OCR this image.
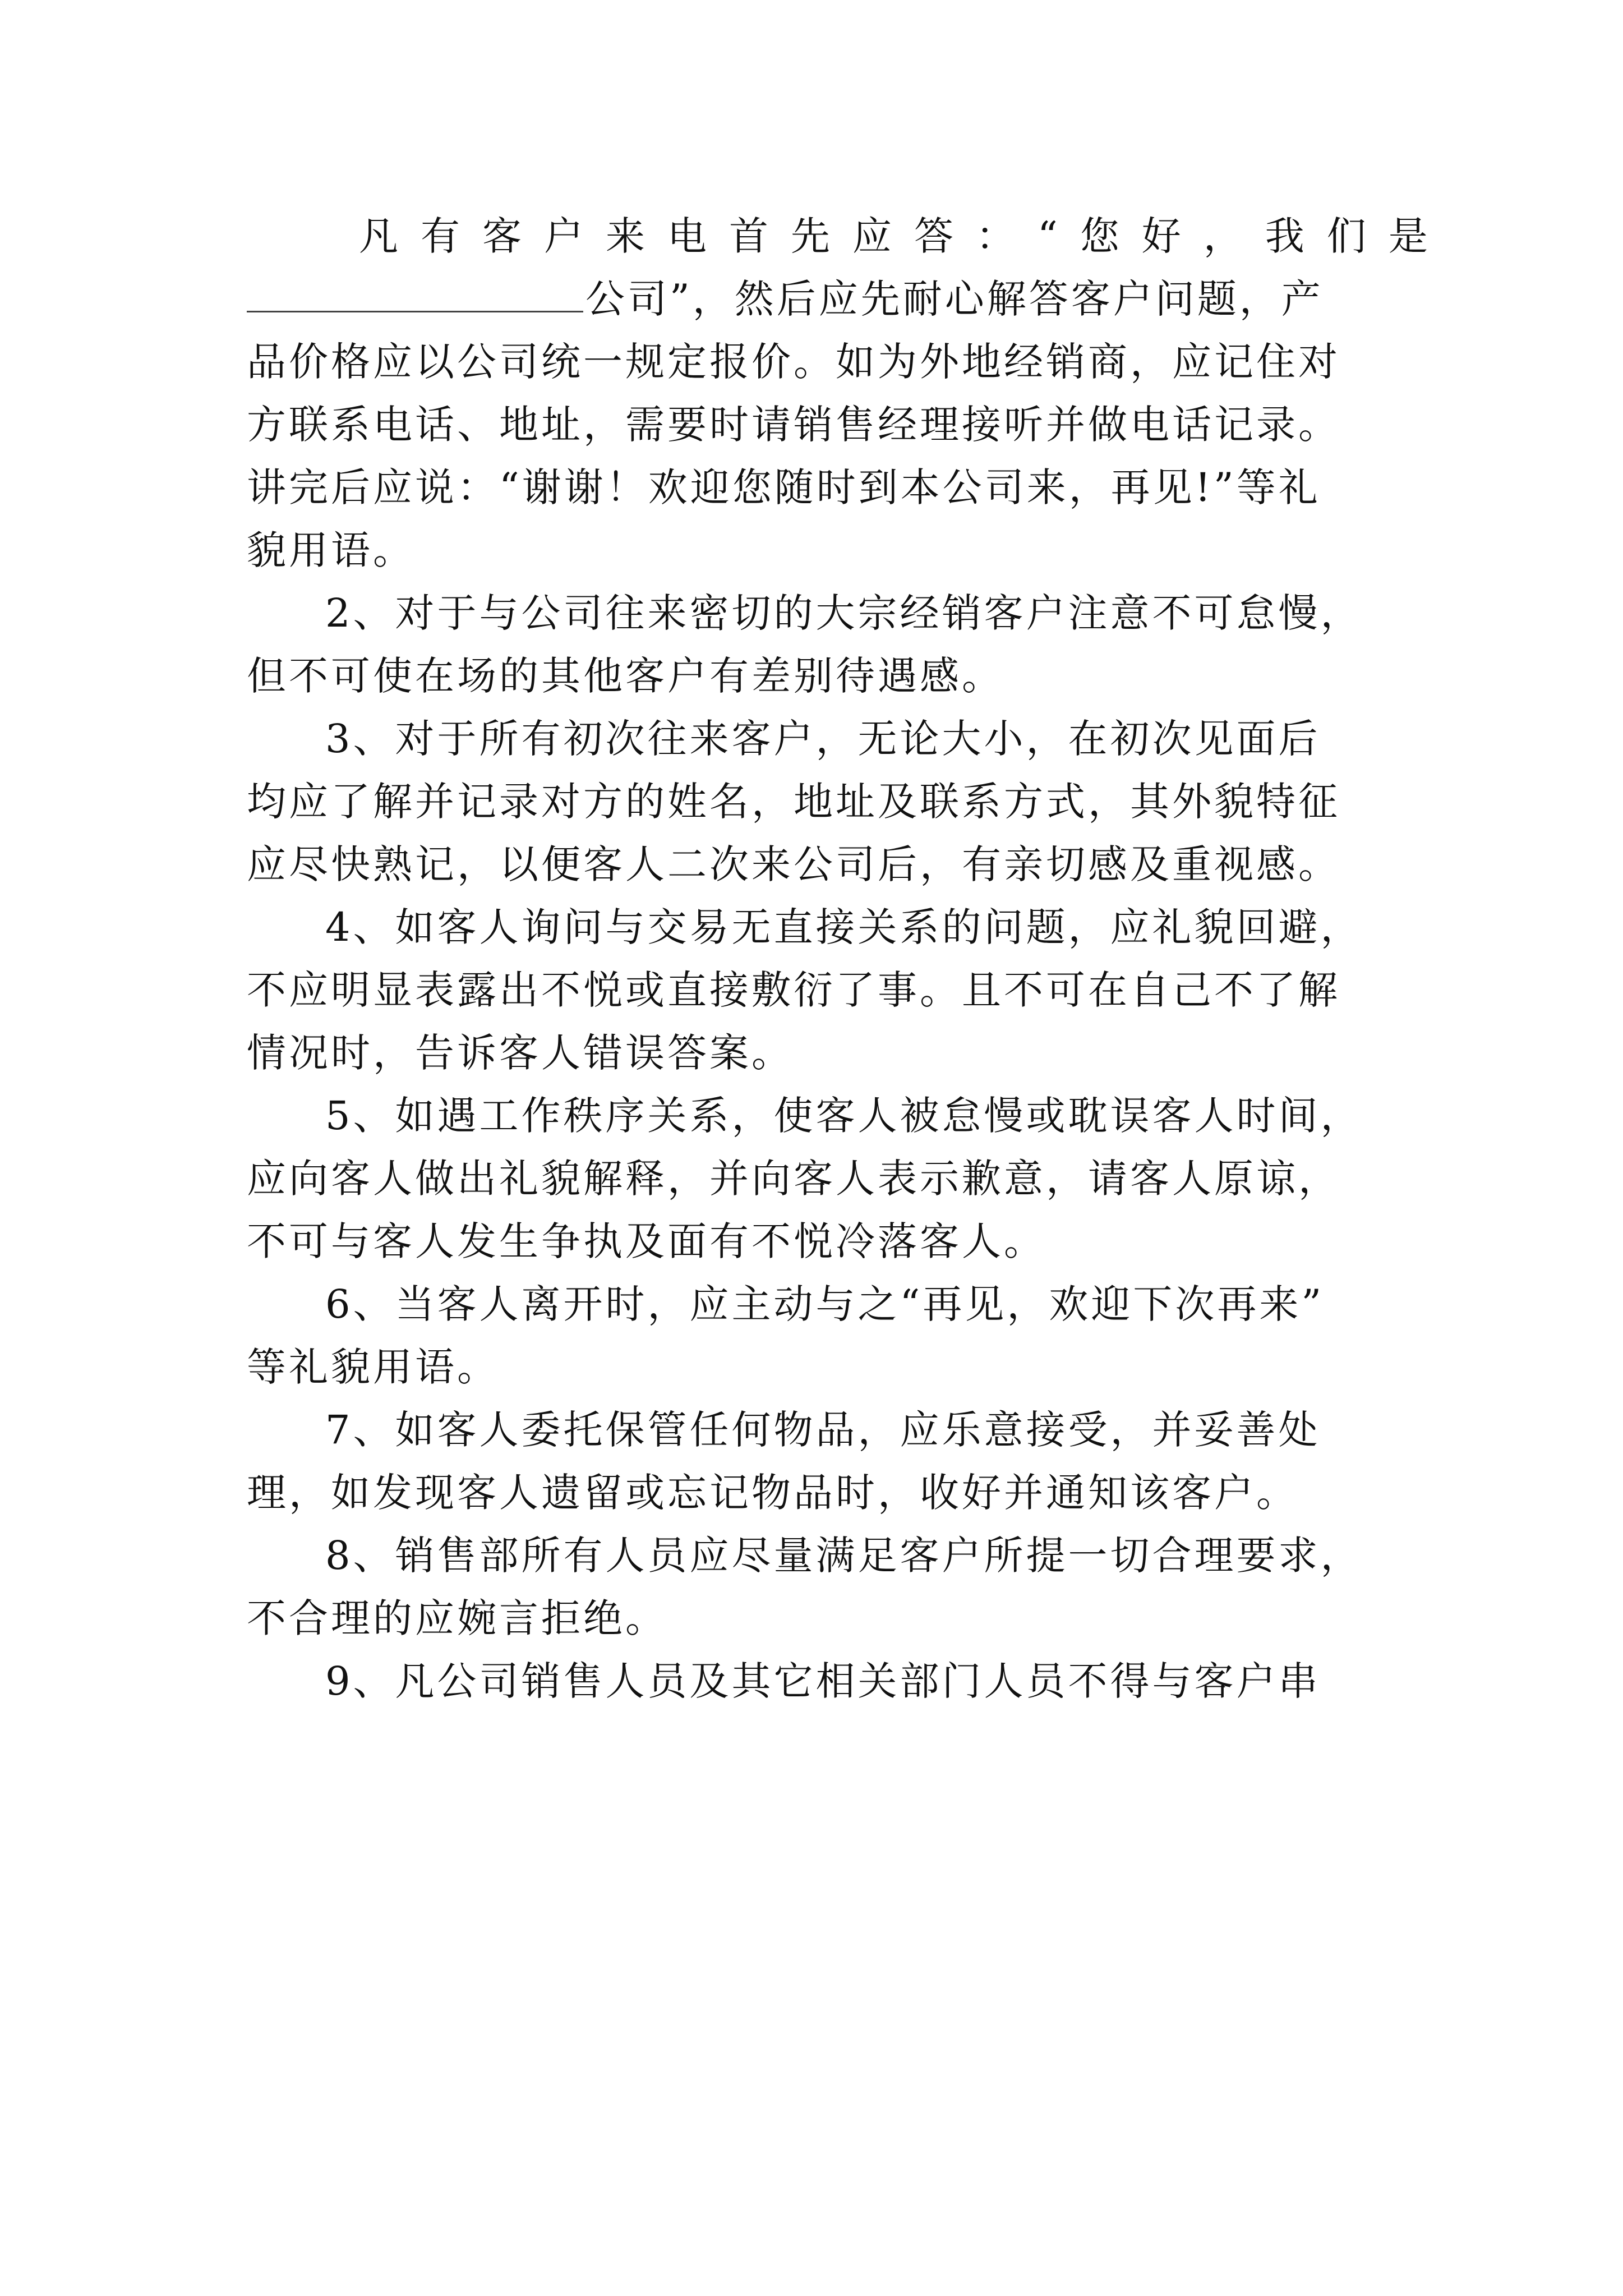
凡有客户来电首先应答：“您好，我们是
公司”，然后应先耐心解答客户问题，产
品价格应以公司统一规定报价。如为外地经销商，应记住对
方联系电话、地址，需要时请销售经理接听并做电话记录。
讲完后应说：“谢谢！欢迎您随时到本公司来，再见!”等礼
貌用语。
2、对于与公司往来密切的大宗经销客户注意不可怠慢，
但不可使在场的其他客户有差别待遇感。
3、对于所有初次往来客户，无论大小，在初次见面后
均应了解并记录对方的姓名，地址及联系方式，其外貌特征
应尽快熟记，以便客人二次来公司后，有亲切感及重视感。
4、如客人询问与交易无直接关系的问题，应礼貌回避，
不应明显表露出不悦或直接敷衍了事。且不可在自己不了解
情况时，告诉客人错误答案。
5、如遇工作秩序关系，使客人被怠慢或耽误客人时间，
应向客人做出礼貌解释，并向客人表示歉意，请客人原谅，
不可与客人发生争执及面有不悦冷落客人。
6、当客人离开时，应主动与之“再见，欢迎下次再来”
等礼貌用语。
7、如客人委托保管任何物品，应乐意接受，并妥善处
理，如发现客人遗留或忘记物品时，收好并通知该客户。
8、销售部所有人员应尽量满足客户所提一切合理要求，
不合理的应婉言拒绝。
9、凡公司销售人员及其它相关部门人员不得与客户串
